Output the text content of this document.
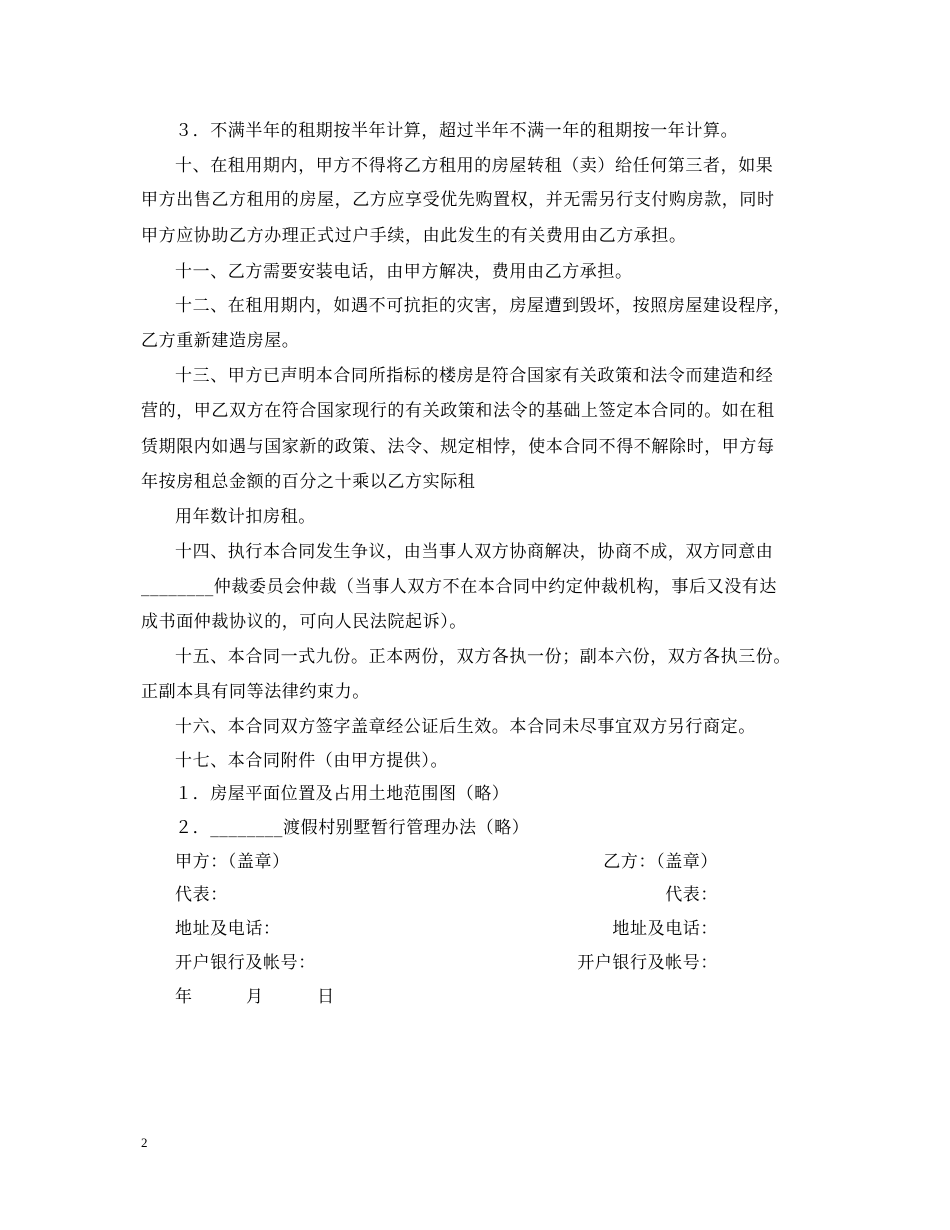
３．不满半年的租期按半年计算，超过半年不满一年的租期按一年计算。
十、在租用期内，甲方不得将乙方租用的房屋转租（卖）给任何第三者，如果
甲方出售乙方租用的房屋，乙方应享受优先购置权，并无需另行支付购房款，同时
甲方应协助乙方办理正式过户手续，由此发生的有关费用由乙方承担。
十一、乙方需要安装电话，由甲方解决，费用由乙方承担。
十二、在租用期内，如遇不可抗拒的灾害，房屋遭到毁坏，按照房屋建设程序，
乙方重新建造房屋。
十三、甲方已声明本合同所指标的楼房是符合国家有关政策和法令而建造和经
营的，甲乙双方在符合国家现行的有关政策和法令的基础上签定本合同的。如在租
赁期限内如遇与国家新的政策、法令、规定相悖，使本合同不得不解除时，甲方每
年按房租总金额的百分之十乘以乙方实际租
用年数计扣房租。
十四、执行本合同发生争议，由当事人双方协商解决，协商不成，双方同意由
________仲裁委员会仲裁（当事人双方不在本合同中约定仲裁机构，事后又没有达
成书面仲裁协议的，可向人民法院起诉）。
十五、本合同一式九份。正本两份，双方各执一份；副本六份，双方各执三份。
正副本具有同等法律约束力。
十六、本合同双方签字盖章经公证后生效。本合同未尽事宜双方另行商定。
十七、本合同附件（由甲方提供）。
１．房屋平面位置及占用土地范围图（略）
２．________渡假村别墅暂行管理办法（略）
甲方：（盖章）	乙方：（盖章）
代表：	代表：
地址及电话：	地址及电话：
开户银行及帐号：	开户银行及帐号：
年          月          日
2
